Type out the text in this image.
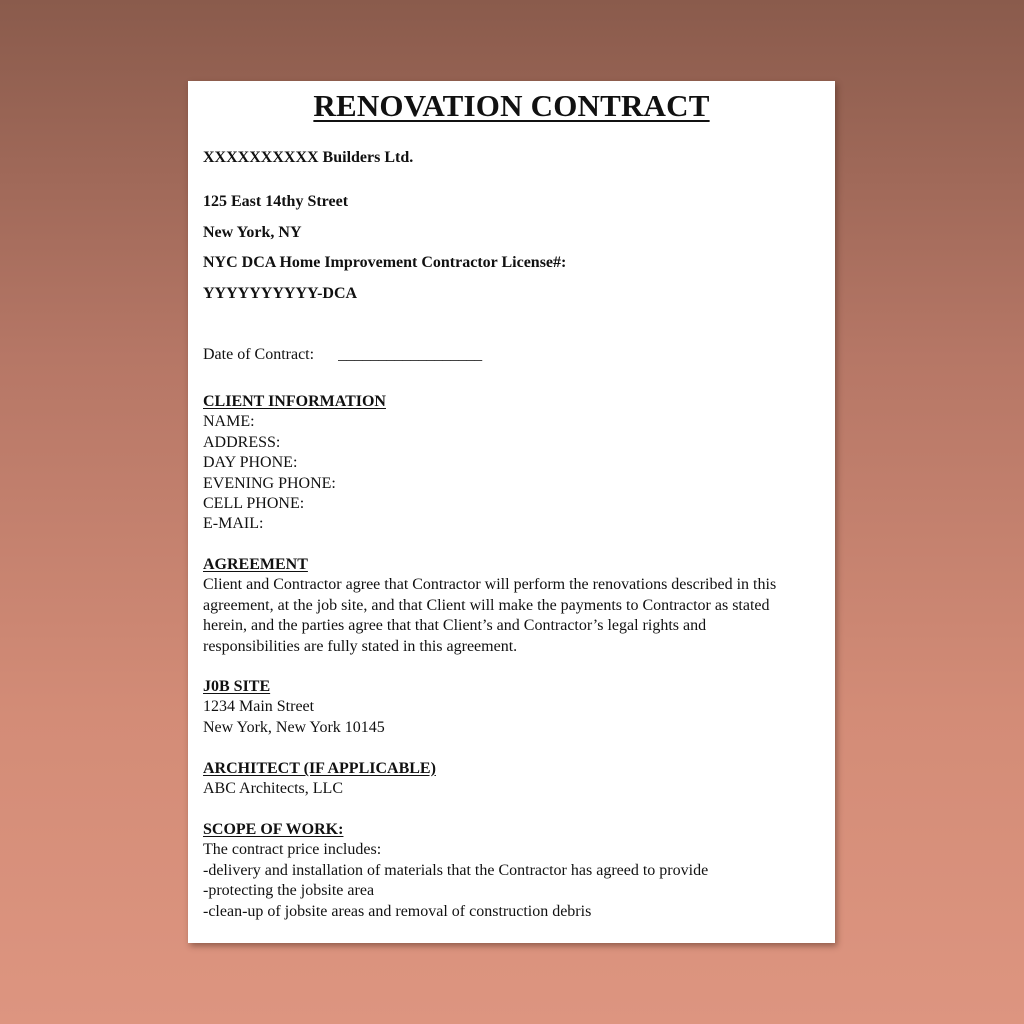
RENOVATION CONTRACT
XXXXXXXXXX Builders Ltd.
125 East 14thy Street
New York, NY
NYC DCA Home Improvement Contractor License#:
YYYYYYYYYY-DCA
Date of Contract: __________________
CLIENT INFORMATION
NAME:
ADDRESS:
DAY PHONE:
EVENING PHONE:
CELL PHONE:
E-MAIL:
AGREEMENT
Client and Contractor agree that Contractor will perform the renovations described in this
agreement, at the job site, and that Client will make the payments to Contractor as stated
herein, and the parties agree that that Client’s and Contractor’s legal rights and
responsibilities are fully stated in this agreement.
J0B SITE
1234 Main Street
New York, New York 10145
ARCHITECT (IF APPLICABLE)
ABC Architects, LLC
SCOPE OF WORK:
The contract price includes:
-delivery and installation of materials that the Contractor has agreed to provide
-protecting the jobsite area
-clean-up of jobsite areas and removal of construction debris
